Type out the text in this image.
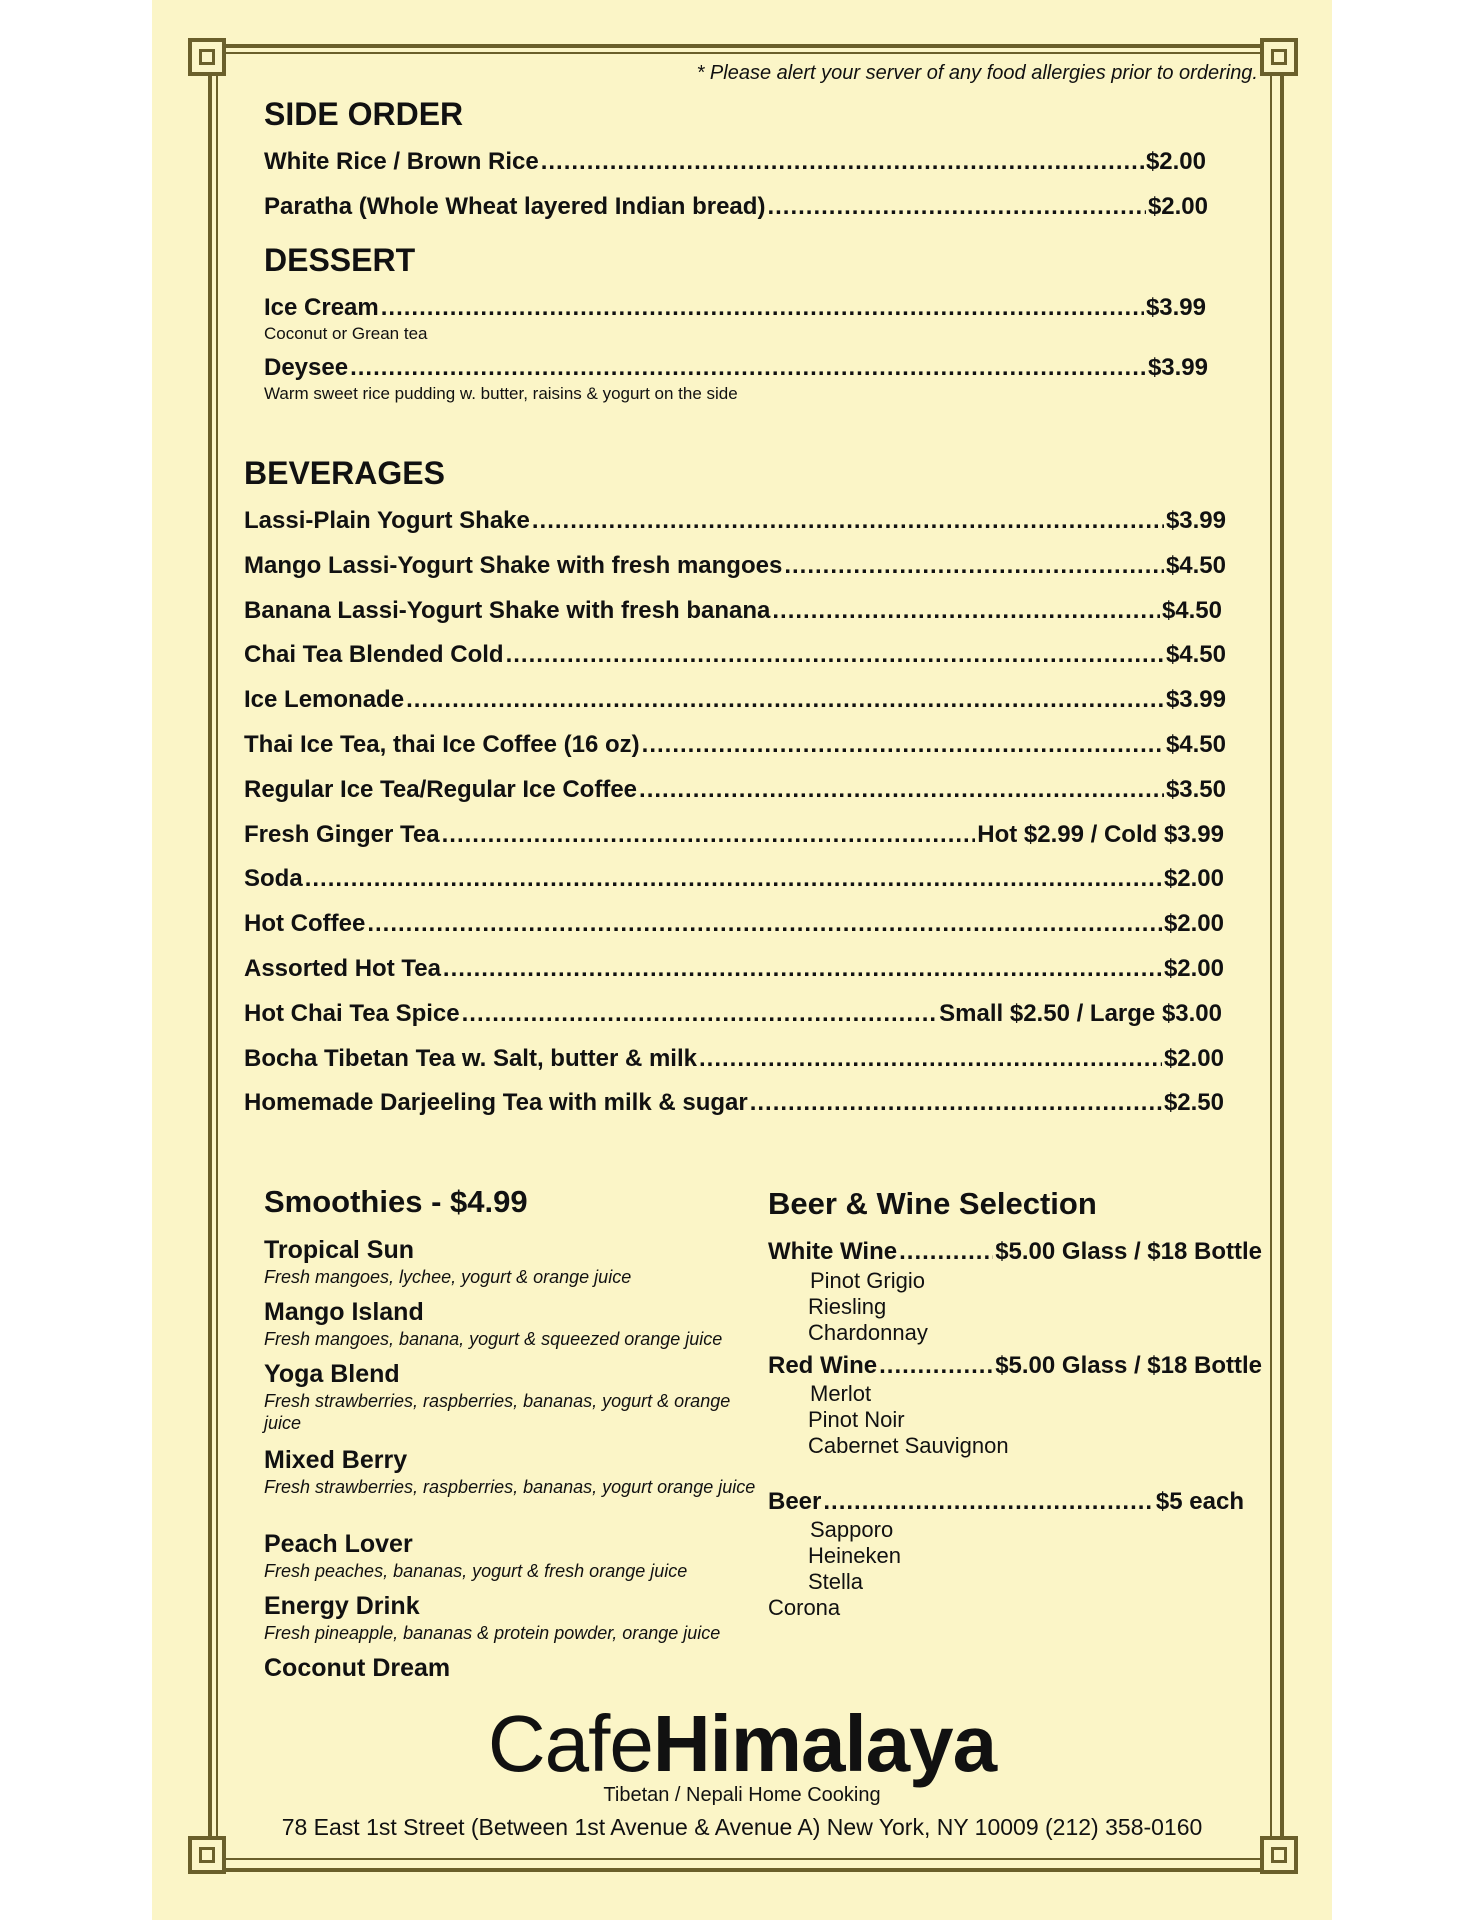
* Please alert your server of any food allergies prior to ordering.
SIDE ORDER
White Rice / Brown Rice .....	$2.00
Paratha (Whole Wheat layered Indian bread) .....	$2.00
DESSERT
Ice Cream .....	$3.99
Coconut or Grean tea
Deysee .....	$3.99
Warm sweet rice pudding w. butter, raisins & yogurt on the side
BEVERAGES
Lassi-Plain Yogurt Shake .....	$3.99
Mango Lassi-Yogurt Shake with fresh mangoes .....	$4.50
Banana Lassi-Yogurt Shake with fresh banana .....	$4.50
Chai Tea Blended Cold .....	$4.50
Ice Lemonade .....	$3.99
Thai Ice Tea, thai Ice Coffee (16 oz) .....	$4.50
Regular Ice Tea/Regular Ice Coffee .....	$3.50
Fresh Ginger Tea .....	Hot $2.99 / Cold $3.99
Soda .....	$2.00
Hot Coffee .....	$2.00
Assorted Hot Tea .....	$2.00
Hot Chai Tea Spice .....	Small $2.50 / Large $3.00
Bocha Tibetan Tea w. Salt, butter & milk .....	$2.00
Homemade Darjeeling Tea with milk & sugar .....	$2.50
Smoothies - $4.99
Tropical Sun
Fresh mangoes, lychee, yogurt & orange juice
Mango Island
Fresh mangoes, banana, yogurt & squeezed orange juice
Yoga Blend
Fresh strawberries, raspberries, bananas, yogurt & orange juice
Mixed Berry
Fresh strawberries, raspberries, bananas, yogurt orange juice
Peach Lover
Fresh peaches, bananas, yogurt & fresh orange juice
Energy Drink
Fresh pineapple, bananas & protein powder, orange juice
Coconut Dream
Beer & Wine Selection
White Wine .....	$5.00 Glass / $18 Bottle
Pinot Grigio
Riesling
Chardonnay
Red Wine .....	$5.00 Glass / $18 Bottle
Merlot
Pinot Noir
Cabernet Sauvignon
Beer .....	$5 each
Sapporo
Heineken
Stella
Corona
CafeHimalaya
Tibetan / Nepali Home Cooking
78 East 1st Street (Between 1st Avenue & Avenue A) New York, NY 10009 (212) 358-0160
